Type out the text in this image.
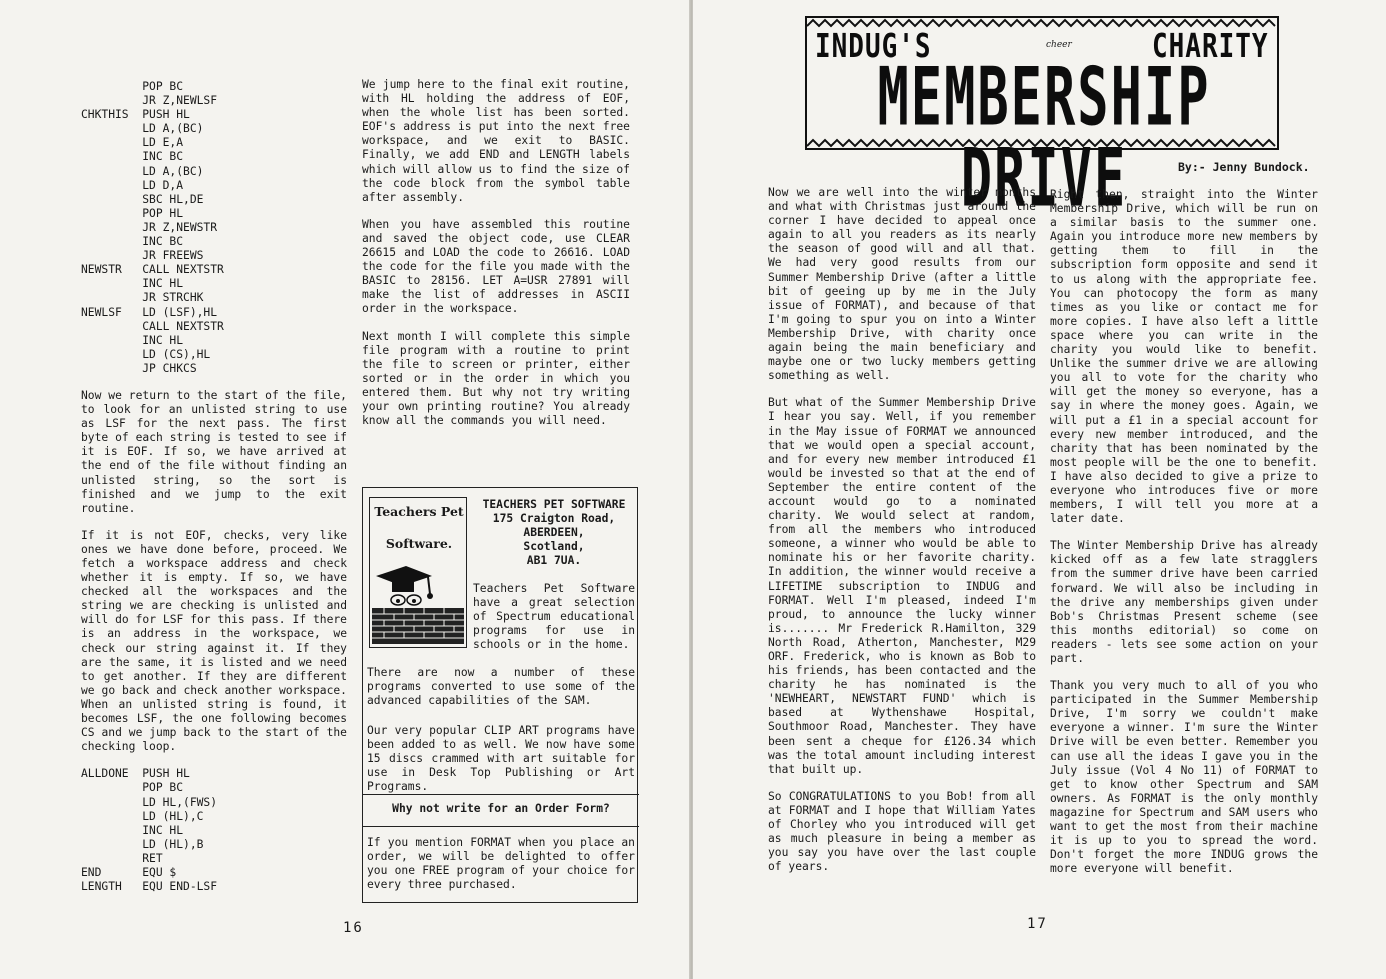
POP BC
JR Z,NEWLSF
CHKTHIS  PUSH HL
LD A,(BC)
LD E,A
INC BC
LD A,(BC)
LD D,A
SBC HL,DE
POP HL
JR Z,NEWSTR
INC BC
JR FREEWS
NEWSTR   CALL NEXTSTR
INC HL
JR STRCHK
NEWLSF   LD (LSF),HL
CALL NEXTSTR
INC HL
LD (CS),HL
JP CHKCS

Now we return to the start of the file, to look for an unlisted string to use as LSF for the next pass. The first byte of each string is tested to see if it is EOF. If so, we have arrived at the end of the file without finding an unlisted string, so the sort is finished and we jump to the exit routine.

If it is not EOF, checks, very like ones we have done before, proceed. We fetch a workspace address and check whether it is empty. If so, we have checked all the workspaces and the string we are checking is unlisted and will do for LSF for this pass. If there is an address in the workspace, we check our string against it. If they are the same, it is listed and we need to get another. If they are different we go back and check another workspace. When an unlisted string is found, it becomes LSF, the one following becomes CS and we jump back to the start of the checking loop.

ALLDONE  PUSH HL
POP BC
LD HL,(FWS)
LD (HL),C
INC HL
LD (HL),B
RET
END      EQU $
LENGTH   EQU END-LSF

We jump here to the final exit routine, with HL holding the address of EOF, when the whole list has been sorted. EOF's address is put into the next free workspace, and we exit to BASIC. Finally, we add END and LENGTH labels which will allow us to find the size of the code block from the symbol table after assembly.

When you have assembled this routine and saved the object code, use CLEAR 26615 and LOAD the code to 26616. LOAD the code for the file you made with the BASIC to 28156. LET A=USR 27891 will make the list of addresses in ASCII order in the workspace.

Next month I will complete this simple file program with a routine to print the file to screen or printer, either sorted or in the order in which you entered them. But why not try writing your own printing routine? You already know all the commands you will need.

Teachers Pet
Software.
TEACHERS PET SOFTWARE
175 Craigton Road,
ABERDEEN,
Scotland,
AB1 7UA.
Teachers Pet Software have a great selection of Spectrum educational programs for use in schools or in the home.
There are now a number of these programs converted to use some of the advanced capabilities of the SAM.
Our very popular CLIP ART programs have been added to as well. We now have some 15 discs crammed with art suitable for use in Desk Top Publishing or Art Programs.
Why not write for an Order Form?
If you mention FORMAT when you place an order, we will be delighted to offer you one FREE program of your choice for every three purchased.
16
INDUG'S	cheer	CHARITY
MEMBERSHIP DRIVE	By:- Jenny Bundock.

Now we are well into the winter months and what with Christmas just around the corner I have decided to appeal once again to all you readers as its nearly the season of good will and all that. We had very good results from our Summer Membership Drive (after a little bit of geeing up by me in the July issue of FORMAT), and because of that I'm going to spur you on into a Winter Membership Drive, with charity once again being the main beneficiary and maybe one or two lucky members getting something as well.

But what of the Summer Membership Drive I hear you say. Well, if you remember in the May issue of FORMAT we announced that we would open a special account, and for every new member introduced £1 would be invested so that at the end of September the entire content of the account would go to a nominated charity. We would select at random, from all the members who introduced someone, a winner who would be able to nominate his or her favorite charity. In addition, the winner would receive a LIFETIME subscription to INDUG and FORMAT. Well I'm pleased, indeed I'm proud, to announce the lucky winner is....... Mr Frederick R.Hamilton, 329 North Road, Atherton, Manchester, M29 ORF. Frederick, who is known as Bob to his friends, has been contacted and the charity he has nominated is the 'NEWHEART, NEWSTART FUND' which is based at Wythenshawe Hospital, Southmoor Road, Manchester. They have been sent a cheque for £126.34 which was the total amount including interest that built up.

So CONGRATULATIONS to you Bob! from all at FORMAT and I hope that William Yates of Chorley who you introduced will get as much pleasure in being a member as you say you have over the last couple of years.

Right then, straight into the Winter Membership Drive, which will be run on a similar basis to the summer one. Again you introduce more new members by getting them to fill in the subscription form opposite and send it to us along with the appropriate fee. You can photocopy the form as many times as you like or contact me for more copies. I have also left a little space where you can write in the charity you would like to benefit. Unlike the summer drive we are allowing you all to vote for the charity who will get the money so everyone, has a say in where the money goes. Again, we will put a £1 in a special account for every new member introduced, and the charity that has been nominated by the most people will be the one to benefit. I have also decided to give a prize to everyone who introduces five or more members, I will tell you more at a later date.

The Winter Membership Drive has already kicked off as a few late stragglers from the summer drive have been carried forward. We will also be including in the drive any memberships given under Bob's Christmas Present scheme (see this months editorial) so come on readers - lets see some action on your part.

Thank you very much to all of you who participated in the Summer Membership Drive, I'm sorry we couldn't make everyone a winner. I'm sure the Winter Drive will be even better. Remember you can use all the ideas I gave you in the July issue (Vol 4 No 11) of FORMAT to get to know other Spectrum and SAM owners. As FORMAT is the only monthly magazine for Spectrum and SAM users who want to get the most from their machine it is up to you to spread the word. Don't forget the more INDUG grows the more everyone will benefit.

17
